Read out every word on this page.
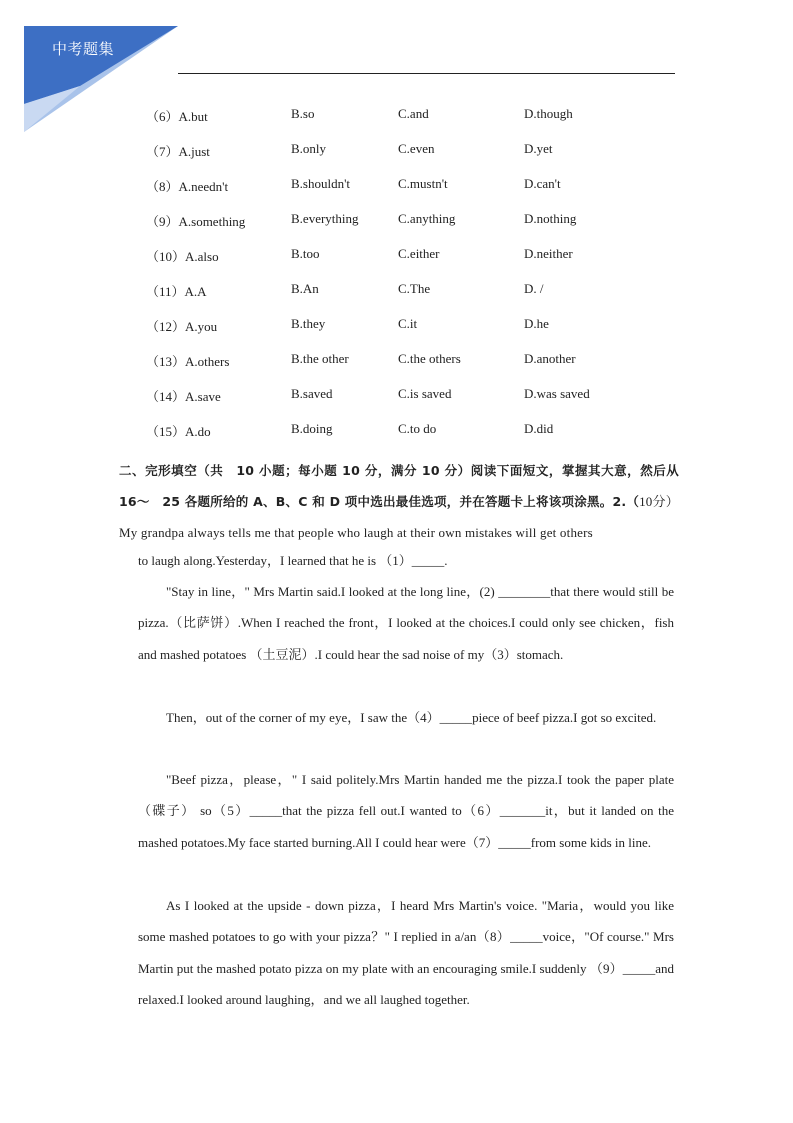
中考题集
（6）A.but	B.so	C.and	D.though
（7）A.just	B.only	C.even	D.yet
（8）A.needn't	B.shouldn't	C.mustn't	D.can't
（9）A.something	B.everything	C.anything	D.nothing
（10）A.also	B.too	C.either	D.neither
（11）A.A	B.An	C.The	D. /
（12）A.you	B.they	C.it	D.he
（13）A.others	B.the other	C.the others	D.another
（14）A.save	B.saved	C.is saved	D.was saved
（15）A.do	B.doing	C.to do	D.did
二、完形填空（共　10 小题；每小题 10 分，满分 10 分）阅读下面短文，掌握其大意，然后从 16～　25 各题所给的 A、B、C 和 D 项中选出最佳选项，并在答题卡上将该项涂黑。2.（10分）My grandpa always tells me that people who laugh at their own mistakes will get others
to laugh along.Yesterday，I learned that he is （1）_____.
"Stay in line，" Mrs Martin said.I looked at the long line，(2) ________that there would still be pizza.（比萨饼）.When I reached the front，I looked at the choices.I could only see chicken，fish and mashed potatoes （土豆泥）.I could hear the sad noise of my（3）stomach.
Then，out of the corner of my eye，I saw the（4）_____piece of beef pizza.I got so excited.
"Beef pizza，please，" I said politely.Mrs Martin handed me the pizza.I took the paper plate（碟子） so（5）_____that the pizza fell out.I wanted to（6）_______it，but it landed on the mashed potatoes.My face started burning.All I could hear were（7）_____from some kids in line.
As I looked at the upside - down pizza，I heard Mrs Martin's voice. "Maria，would you like some mashed potatoes to go with your pizza？" I replied in a/an（8）_____voice，"Of course." Mrs Martin put the mashed potato pizza on my plate with an encouraging smile.I suddenly （9）_____and relaxed.I looked around laughing，and we all laughed together.
